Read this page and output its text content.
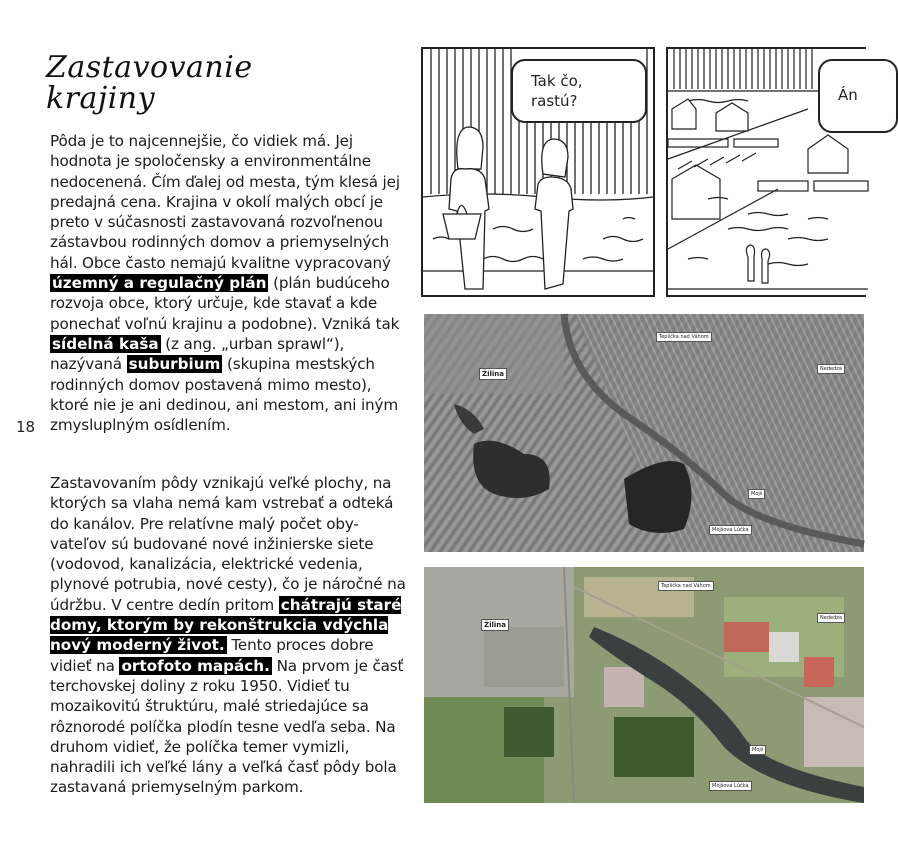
Zastavovanie
krajiny

Pôda je to najcennejšie, čo vidiek má. Jej hodnota je spoločensky a environmentálne nedocenená. Čím ďalej od mesta, tým klesá jej predajná cena. Krajina v okolí malých obcí je preto v súčasnosti zastavovaná rozvoľnenou zástavbou rodinných domov a priemyselných hál. Obce často nemajú kvalitne vypracovaný územný a regulačný plán (plán budúceho rozvoja obce, ktorý určuje, kde stavať a kde ponechať voľnú krajinu a podobne). Vzniká tak sídelná kaša (z ang. „urban sprawl“), nazývaná suburbium (skupina mestských rodinných domov postavená mimo mesto), ktoré nie je ani dedinou, ani mestom, ani iným zmysluplným osídlením.

18

Zastavovaním pôdy vznikajú veľké plochy, na ktorých sa vlaha nemá kam vstrebať a odteká do kanálov. Pre relatívne malý počet oby-vateľov sú budované nové inžinierske siete (vodovod, kanalizácia, elektrické vedenia, plynové potrubia, nové cesty), čo je náročné na údržbu. V centre dedín pritom chátrajú staré domy, ktorým by rekonštrukcia vdýchla nový moderný život. Tento proces dobre vidieť na ortofoto mapách. Na prvom je časť terchovskej doliny z roku 1950. Vidieť tu mozaikovitú štruktúru, malé striedajúce sa rôznorodé políčka plodín tesne vedľa seba. Na druhom vidieť, že políčka temer vymizli, nahradili ich veľké lány a veľká časť pôdy bola zastavaná priemyselným parkom.

Tak čo,
rastú?	Án
Žilina
Teplička nad Váhom
Nededza
Mojš
Mojšova Lúčka
Žilina
Teplička nad Váhom
Nededza
Mojš
Mojšova Lúčka
